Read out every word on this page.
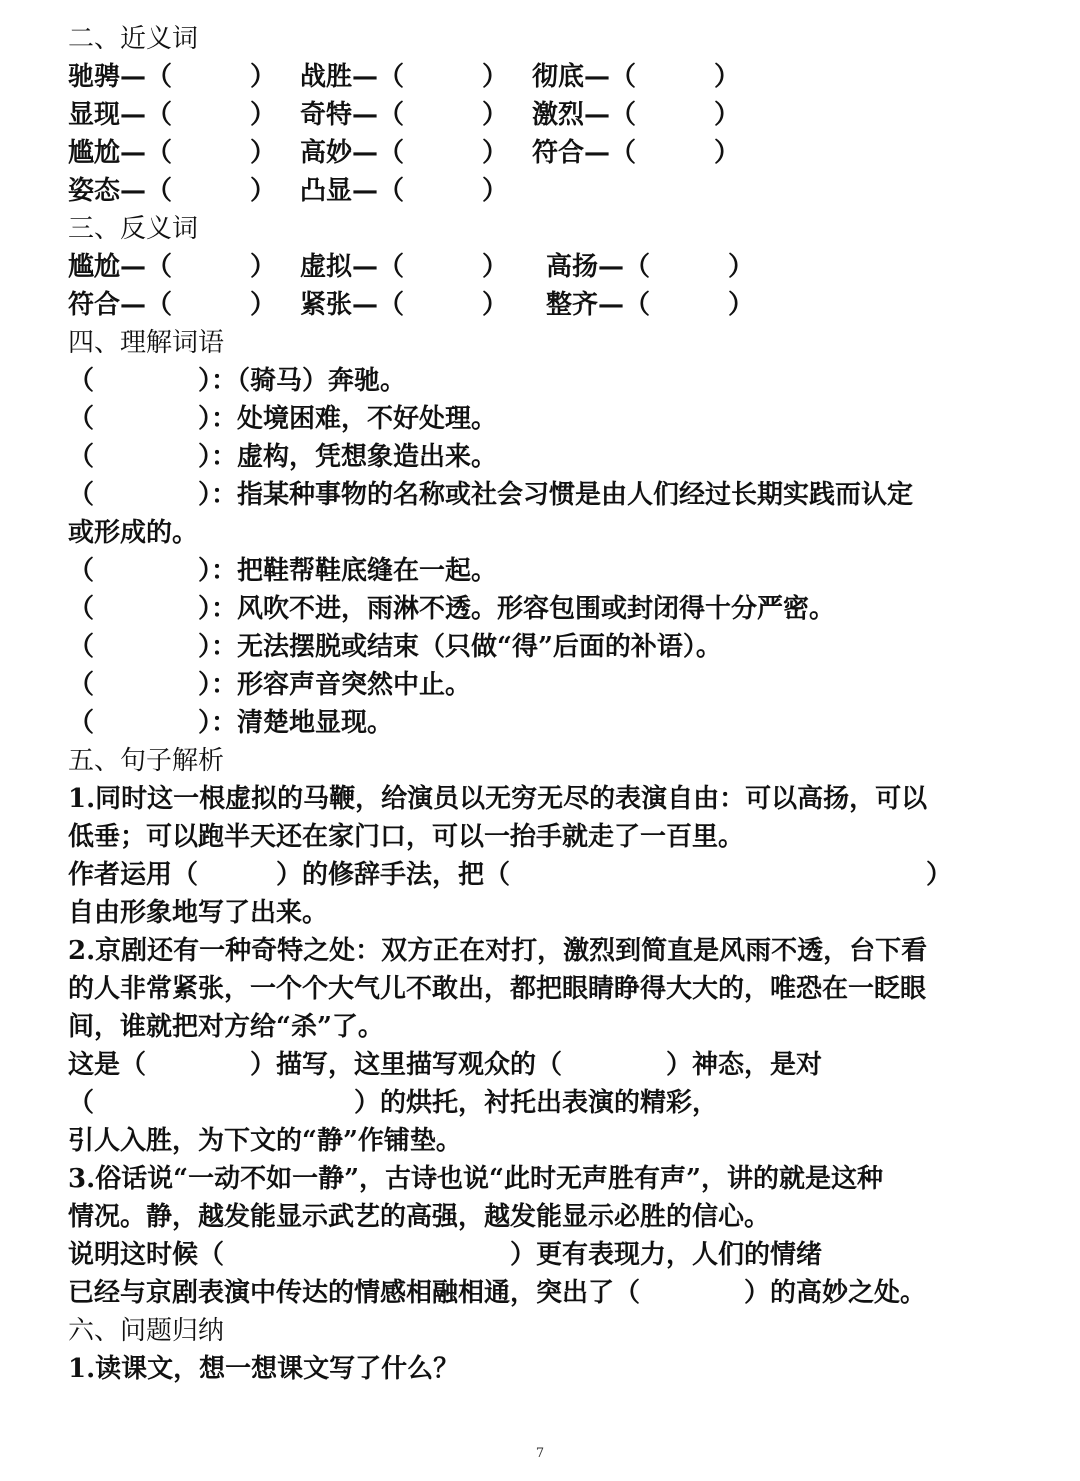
二、近义词
驰骋—（　　　） 战胜—（　　　） 彻底—（　　　）
显现—（　　　） 奇特—（　　　） 激烈—（　　　）
尴尬—（　　　） 高妙—（　　　） 符合—（　　　）
姿态—（　　　） 凸显—（　　　）
三、反义词
尴尬—（　　　） 虚拟—（　　　） 高扬—（　　　）
符合—（　　　） 紧张—（　　　） 整齐—（　　　）
四、理解词语
（　　　　）：（骑马）奔驰。
（　　　　）：处境困难，不好处理。
（　　　　）：虚构，凭想象造出来。
（　　　　）：指某种事物的名称或社会习惯是由人们经过长期实践而认定
或形成的。
（　　　　）：把鞋帮鞋底缝在一起。
（　　　　）：风吹不进，雨淋不透。形容包围或封闭得十分严密。
（　　　　）：无法摆脱或结束（只做“得”后面的补语）。
（　　　　）：形容声音突然中止。
（　　　　）：清楚地显现。
五、句子解析
1.同时这一根虚拟的马鞭，给演员以无穷无尽的表演自由：可以高扬，可以
低垂；可以跑半天还在家门口，可以一抬手就走了一百里。
作者运用（　　　）的修辞手法，把（　　　　　　　　　　　　　　　　）
自由形象地写了出来。
2.京剧还有一种奇特之处：双方正在对打，激烈到简直是风雨不透，台下看
的人非常紧张，一个个大气儿不敢出，都把眼睛睁得大大的，唯恐在一眨眼
间，谁就把对方给“杀”了。
这是（　　　　）描写，这里描写观众的（　　　　）神态，是对
（　　　　　　　　　　）的烘托，衬托出表演的精彩，
引人入胜，为下文的“静”作铺垫。
3.俗话说“一动不如一静”，古诗也说“此时无声胜有声”，讲的就是这种
情况。静，越发能显示武艺的高强，越发能显示必胜的信心。
说明这时候（　　　　　　　　　　　）更有表现力，人们的情绪
已经与京剧表演中传达的情感相融相通，突出了（　　　　）的高妙之处。
六、问题归纳
1.读课文，想一想课文写了什么？
7
